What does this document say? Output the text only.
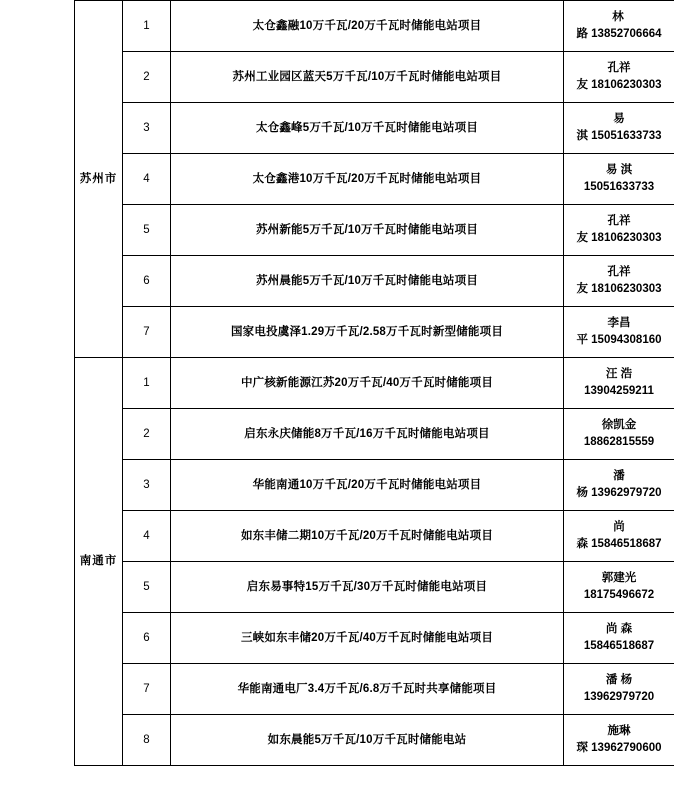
苏州市	1	太仓鑫融10万千瓦/20万千瓦时储能电站项目	林
路 13852706664

	2	苏州工业园区蓝天5万千瓦/10万千瓦时储能电站项目	孔祥
友 18106230303

	3	太仓鑫峰5万千瓦/10万千瓦时储能电站项目	易
淇 15051633733

	4	太仓鑫港10万千瓦/20万千瓦时储能电站项目	易 淇
15051633733

	5	苏州新能5万千瓦/10万千瓦时储能电站项目	孔祥
友 18106230303

	6	苏州晨能5万千瓦/10万千瓦时储能电站项目	孔祥
友 18106230303

	7	国家电投虞泽1.29万千瓦/2.58万千瓦时新型储能项目	李昌
平 15094308160

南通市	1	中广核新能源江苏20万千瓦/40万千瓦时储能项目	汪 浩
13904259211

	2	启东永庆储能8万千瓦/16万千瓦时储能电站项目	徐凯金
18862815559

	3	华能南通10万千瓦/20万千瓦时储能电站项目	潘
杨 13962979720

	4	如东丰储二期10万千瓦/20万千瓦时储能电站项目	尚
森 15846518687

	5	启东易事特15万千瓦/30万千瓦时储能电站项目	郭建光
18175496672

	6	三峡如东丰储20万千瓦/40万千瓦时储能电站项目	尚 森
15846518687

	7	华能南通电厂3.4万千瓦/6.8万千瓦时共享储能项目	潘 杨
13962979720

	8	如东晨能5万千瓦/10万千瓦时储能电站	施琳
琛 13962790600
